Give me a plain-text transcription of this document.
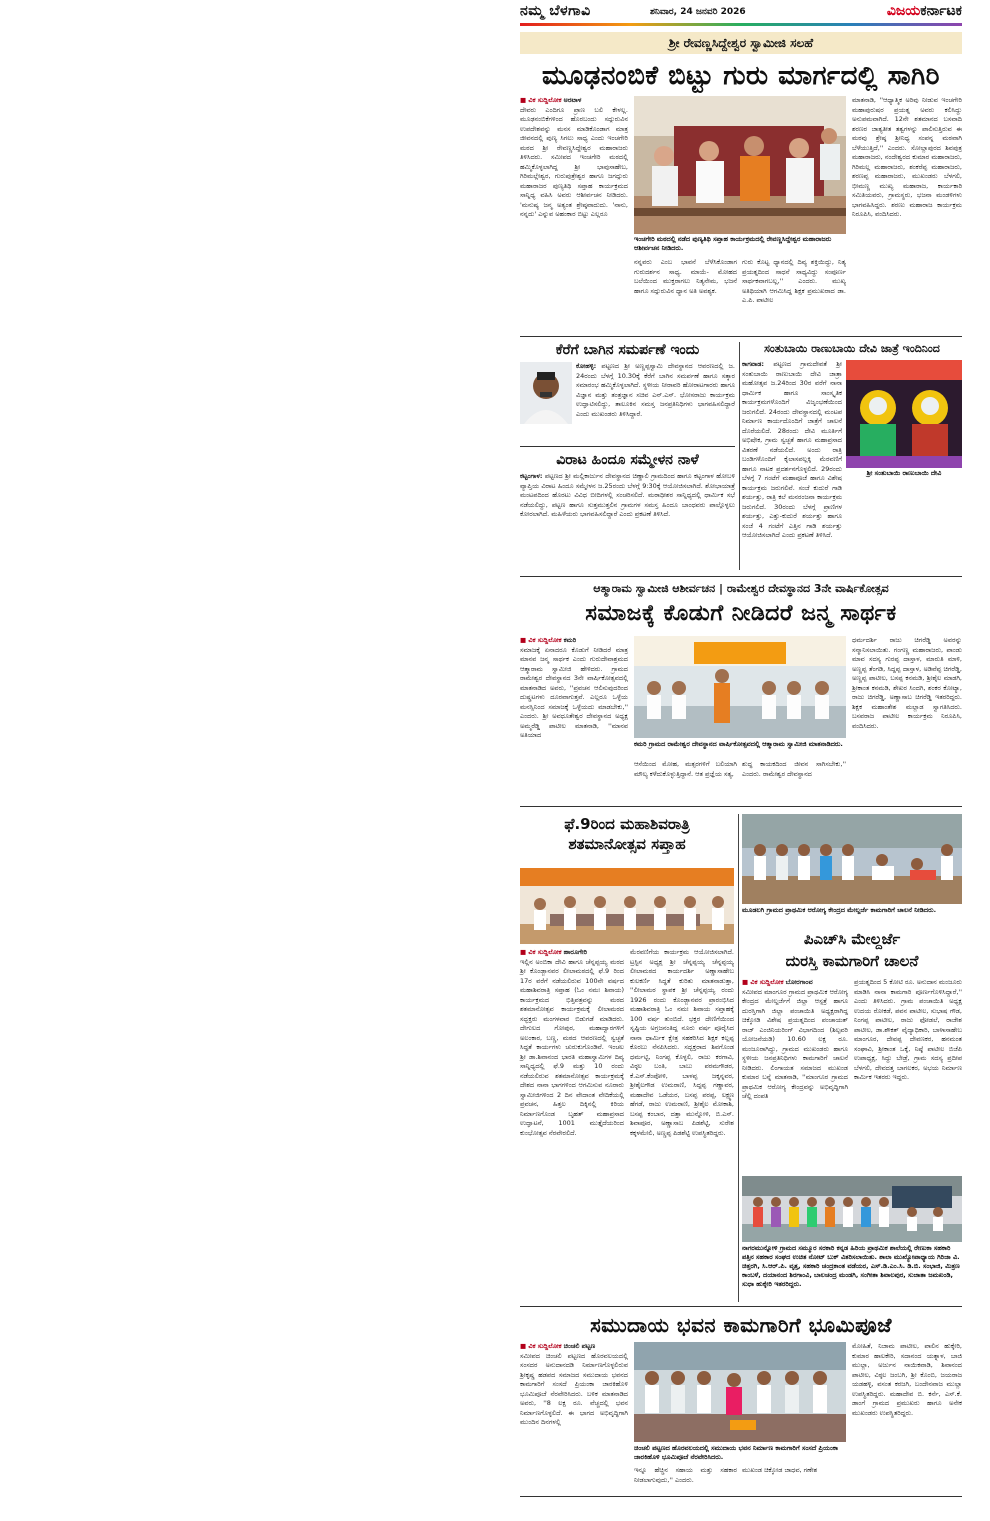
ನಮ್ಮ ಬೆಳಗಾವಿ	ಶನಿವಾರ, 24 ಜನವರಿ 2026	ವಿಜಯಕರ್ನಾಟಕ
ಶ್ರೀ ರೇವಣ್ಣಸಿದ್ದೇಶ್ವರ ಸ್ವಾಮೀಜಿ ಸಲಹೆ
ಮೂಢನಂಬಿಕೆ ಬಿಟ್ಟು ಗುರು ಮಾರ್ಗದಲ್ಲಿ ಸಾಗಿರಿ
■ ವಿಕ ಸುದ್ದಿಲೋಕ ಅರಟಾಳ
ದೇವರು ಎಂದಿಗೂ ಪ್ರಾಣ ಬಲಿ ಕೇಳಲ್ಲ. ಮೂಢನಂಬಿಕೆಗಳಿಂದ ಹೊರಬಂದು ಸದ್ಗುರುವಿನ ಉಪದೇಶವನ್ನು ಮನಸ ಮಾಡಿಕೊಂಡಾಗ ಮಾತ್ರ ಜೀವನದಲ್ಲಿ ಪುಣ್ಯ ಸಿಗಲು ಸಾಧ್ಯ ಎಂದು ಇಂಚಗೇರಿ ಮಠದ ಶ್ರೀ ರೇವಣ್ಣಸಿದ್ದೇಶ್ವರ ಮಹಾರಾಜರು ತಿಳಿಸಿದರು. ಸಮೀಪದ ಇಂಚಗೇರಿ ಮಠದಲ್ಲಿ ಹಮ್ಮಿಕೊಳ್ಳಲಾಗಿದ್ದ ಶ್ರೀ ಭಾವುಸಾಹೇಬ, ಗಿರಿಮಲ್ಲೇಶ್ವರ, ಗುರುಪುತ್ರೇಶ್ವರ ಹಾಗೂ ಜಗದ್ಗುರು ಮಹಾರಾಜರ ಪುಣ್ಯತಿಥಿ ಸಪ್ತಾಹ ಕಾರ್ಯಕ್ರಮದ ಸಾನ್ನಿಧ್ಯ ವಹಿಸಿ ಅವರು ಆಶೀರ್ವಚನ ನೀಡಿದರು. 'ಮನುಷ್ಯ ಜನ್ಮ ಅತ್ಯಂತ ಶ್ರೇಷ್ಠವಾದುದು. 'ನಾನು, ನನ್ನದು' ಎನ್ನುವ ಅಹಂಕಾರ ಬಿಟ್ಟು ಎಲ್ಲರೂ
ಇಂಚಗೇರಿ ಮಠದಲ್ಲಿ ನಡೆದ ಪುಣ್ಯತಿಥಿ ಸಪ್ತಾಹ ಕಾರ್ಯಕ್ರಮದಲ್ಲಿ ರೇವಣ್ಣಸಿದ್ದೇಶ್ವರ ಮಹಾರಾಜರು ಆಶೀರ್ವಚನ ನೀಡಿದರು.
ನನ್ನವರು ಎಂಬ ಭಾವನೆ ಬೆಳೆಸಿಕೊಂಡಾಗ ಗುರುದರ್ಶನ ಸಾಧ್ಯ. ಮಾಯೆ- ಮೋಹದ ಬಲೆಯಿಂದ ಮುಕ್ತರಾಗಲು ನಿತ್ಯನೇಮ, ಭಜನೆ ಹಾಗೂ ಸದ್ಗುರುವಿನ ಧ್ಯಾನ ಅತಿ ಅವಶ್ಯಕ.
ಗುರು ಕೊಟ್ಟ ಧ್ಯಾನದಲ್ಲಿ ದಿವ್ಯ ಶಕ್ತಿಯಿದ್ದು, ನಿತ್ಯ ಪ್ರಯತ್ನದಿಂದ ಸಾಧನೆ ಸಾಧ್ಯವಿದ್ದು ಸಂಪೂರ್ಣ ಸಾರ್ಥಕವಾಗಬಲ್ಲ,'' ಎಂದರು. ಮುಖ್ಯ ಅತಿಥಿಯಾಗಿ ಆಗಮಿಸಿದ್ದ ಶಿಕ್ಷಕ ಪ್ರಮುಖರಾದ ಡಾ. ಎ.ಪಿ. ಪಾಟೀಲ
ಮಾತನಾಡಿ, ''ಆಧ್ಯಾತ್ಮಿಕ ಅರಿವು ನೀಡುವ ಇಂಚಗೇರಿ ಮಹಾಪುರುಷರ ಪ್ರಯತ್ನ ಅವರು ಕಲಿಸಿದ್ದು ಅನುಪಮವಾಗಿದೆ. 12ನೇ ಶತಮಾನದ ಬಸವಾದಿ ಶರಣರ ಜಾತ್ಯತೀತ ತತ್ವಗಳನ್ನು ಪಾಲಿಸುತ್ತಿರುವ ಈ ಮಠವು ಶ್ರೇಷ್ಠ ಶ್ರೀನಿಧ್ಯ ಸಂಪನ್ನ ಮಠವಾಗಿ ಬೆಳೆಯುತ್ತಿದೆ,'' ಎಂದರು. ಸೋಲ್ಲಾಪುರದ ಶಿವಪುತ್ರ ಮಹಾರಾಜರು, ನಂದೇಶ್ವರದ ಕುಮಾರ ಮಹಾರಾಜರು, ಗಿರಿಮಲ್ಲ ಮಹಾರಾಜರು, ಶಂಕರೆಪ್ಪ ಮಹಾರಾಜರು, ಶರಣಪ್ಪ ಮಹಾರಾಜರು, ಮುಖಂಡರು ಬೆಳಗಲಿ, ಭೀಮಣ್ಣ ಮುಖ್ಯ ಮಹಾರಾಜ, ಕಾರ್ಯಕಾರಿ ಸಮಿತಿಯವರು, ಗ್ರಾಮಸ್ಥರು, ಭಜನಾ ಮಂಡಳಿಗಳು ಭಾಗವಹಿಸಿದ್ದರು. ಶರಣು ಮಹಾರಾಜ ಕಾರ್ಯಕ್ರಮ ನಿರೂಪಿಸಿ, ವಂದಿಸಿದರು.
ಕೆರೆಗೆ ಬಾಗಿನ ಸಮರ್ಪಣೆ ಇಂದು
ಕೋಹಳ್ಳಿ: ಪಟ್ಟಣದ ಶ್ರೀ ಅಣ್ಣಪ್ಪಸ್ವಾಮಿ ದೇವಸ್ಥಾನದ ಆವರಣದಲ್ಲಿ ಜ. 24ರಂದು ಬೆಳಗ್ಗೆ 10.30ಕ್ಕೆ ಕೆರೆಗೆ ಬಾಗಿನ ಸಮರ್ಪಣೆ ಹಾಗೂ ಸತ್ಕಾರ ಸಮಾರಂಭ ಹಮ್ಮಿಕೊಳ್ಳಲಾಗಿದೆ. ಸ್ಥಳೀಯ ನೀರಾವರಿ ಹೋರಾಟಗಾರರು ಹಾಗೂ ವಿಜ್ಞಾನ ಮತ್ತು ತಂತ್ರಜ್ಞಾನ ಸಚಿವ ಎನ್.ಎಸ್. ಭೋಸರಾಜು ಕಾರ್ಯಕ್ರಮ ಉದ್ಘಾಟಿಸಲಿದ್ದು, ತಾಲೂಕಿನ ಸಮಸ್ತ ಜನಪ್ರತಿನಿಧಿಗಳು ಭಾಗವಹಿಸಲಿದ್ದಾರೆ ಎಂದು ಮುಖಂಡರು ತಿಳಿಸಿದ್ದಾರೆ.
ವಿರಾಟ ಹಿಂದೂ ಸಮ್ಮೇಳನ ನಾಳೆ
ಕಟ್ಟಂಗಾಳ: ಪಟ್ಟಣದ ಶ್ರೀ ಮಲ್ಲಿಕಾರ್ಜುನ ದೇವಸ್ಥಾನದ ಚಿಣ್ಣಾಲಿ ಗ್ರಾಮದಿಂದ ಹಾಗೂ ಕಟ್ಟಂಗಾಳ ಹೋಬಳಿ ವ್ಯಾಪ್ತಿಯ ವಿರಾಟ ಹಿಂದೂ ಸಮ್ಮೇಳನ ಜ.25ರಂದು ಬೆಳಗ್ಗೆ 9:30ಕ್ಕೆ ಆಯೋಜಿಸಲಾಗಿದೆ. ಶೋಭಾಯಾತ್ರೆ ಮಂಟಪದಿಂದ ಹೊರಟು ವಿವಿಧ ಬೀದಿಗಳಲ್ಲಿ ಸಂಚರಿಸಲಿದೆ. ಮಠಾಧೀಶರ ಸಾನ್ನಿಧ್ಯದಲ್ಲಿ ಧಾರ್ಮಿಕ ಸಭೆ ನಡೆಯಲಿದ್ದು, ಪಟ್ಟಣ ಹಾಗೂ ಸುತ್ತಮುತ್ತಲಿನ ಗ್ರಾಮಗಳ ಸಮಸ್ತ ಹಿಂದೂ ಬಾಂಧವರು ಪಾಲ್ಗೊಳ್ಳಲು ಕೋರಲಾಗಿದೆ. ಮಹಿಳೆಯರು ಭಾಗವಹಿಸಲಿದ್ದಾರೆ ಎಂದು ಪ್ರಕಟಣೆ ತಿಳಿಸಿದೆ.
ಸಂತುಬಾಯಿ ರಾಣುಬಾಯಿ ದೇವಿ ಜಾತ್ರೆ ಇಂದಿನಿಂದ
ಕಾಗವಾಡ: ಪಟ್ಟಣದ ಗ್ರಾಮದೇವತೆ ಶ್ರೀ ಸಂತುಬಾಯಿ ರಾಣುಬಾಯಿ ದೇವಿ ಜಾತ್ರಾ ಮಹೋತ್ಸವ ಜ.24ರಿಂದ 30ರ ವರೆಗೆ ನಾನಾ ಧಾರ್ಮಿಕ ಹಾಗೂ ಸಾಂಸ್ಕೃತಿಕ ಕಾರ್ಯಕ್ರಮಗಳೊಂದಿಗೆ ವಿಜೃಂಭಣೆಯಿಂದ ಜರುಗಲಿದೆ. 24ರಂದು ದೇವಸ್ಥಾನದಲ್ಲಿ ಮಂಟಪ ನಿರ್ಮಾಣ ಕಾರ್ಯದೊಂದಿಗೆ ಜಾತ್ರೆಗೆ ಚಾಲನೆ ದೊರೆಯಲಿದೆ. 28ರಂದು ದೇವಿ ಮೂರ್ತಿಗೆ ಅಭಿಷೇಕ, ಗ್ರಾಮ ಸ್ವಚ್ಛತೆ ಹಾಗೂ ಮಹಾಪ್ರಸಾದ ವಿತರಣೆ ನಡೆಯಲಿದೆ. ಅಂದು ರಾತ್ರಿ ಬಂಡಿಗಳೊಂದಿಗೆ ಕೈಲಾಸಪಲ್ಲಕ್ಕಿ ಮೆರವಣಿಗೆ ಹಾಗೂ ನಾಟಕ ಪ್ರದರ್ಶನಗೊಳ್ಳಲಿದೆ. 29ರಂದು ಬೆಳಗ್ಗೆ 7 ಗಂಟೆಗೆ ಮಹಾಪೂಜೆ ಹಾಗೂ ವಿಶೇಷ ಕಾರ್ಯಕ್ರಮ ಜರುಗಲಿವೆ. ಸಂಜೆ ಕುದುರೆ ಗಾಡಿ ಶರ್ಯತ್ತು, ರಾತ್ರಿ ಕಲೆ ಮನರಂಜನಾ ಕಾರ್ಯಕ್ರಮ ಜರುಗಲಿದೆ. 30ರಂದು ಬೆಳಗ್ಗೆ ಪ್ರಾಣಿಗಳ ಶರ್ಯತ್ತು, ಎತ್ತು-ಕುದುರೆ ಶರ್ಯತ್ತು ಹಾಗೂ ಸಂಜೆ 4 ಗಂಟೆಗೆ ಎತ್ತಿನ ಗಾಡಿ ಶರ್ಯತ್ತು ಆಯೋಜಿಸಲಾಗಿದೆ ಎಂದು ಪ್ರಕಟಣೆ ತಿಳಿಸಿದೆ.
ಶ್ರೀ ಸಂತುಬಾಯಿ ರಾಣುಬಾಯಿ ದೇವಿ
ಆತ್ಮಾರಾಮ ಸ್ವಾಮೀಜಿ ಆಶೀರ್ವಚನ | ರಾಮೇಶ್ವರ ದೇವಸ್ಥಾನದ 3ನೇ ವಾರ್ಷಿಕೋತ್ಸವ
ಸಮಾಜಕ್ಕೆ ಕೊಡುಗೆ ನೀಡಿದರೆ ಜನ್ಮ ಸಾರ್ಥಕ
■ ವಿಕ ಸುದ್ದಿಲೋಕ ಕಮರಿ
ಸಮಾಜಕ್ಕೆ ಏನಾದರೂ ಕೊಡುಗೆ ನೀಡಿದರೆ ಮಾತ್ರ ಮಾನವ ಜನ್ಮ ಸಾರ್ಥಕ ಎಂದು ಗುರುದೇವಾಶ್ರಮದ ಆತ್ಮಾರಾಮ ಸ್ವಾಮೀಜಿ ಹೇಳಿದರು. ಗ್ರಾಮದ ರಾಮೇಶ್ವರ ದೇವಸ್ಥಾನದ 3ನೇ ವಾರ್ಷಿಕೋತ್ಸವದಲ್ಲಿ ಮಾತನಾಡಿದ ಅವರು, ''ಪ್ರವಚನ ಆಲಿಸುವುದರಿಂದ ದುಷ್ಚಟಗಳು ದೂರವಾಗುತ್ತವೆ. ಎಲ್ಲರೂ ಒಳ್ಳೆಯ ಮನಸ್ಸಿನಿಂದ ಸಮಾಜಕ್ಕೆ ಒಳ್ಳೆಯದು ಮಾಡಬೇಕು,'' ಎಂದರು. ಶ್ರೀ ಅವಧೂತೇಶ್ವರ ದೇವಸ್ಥಾನದ ಅಧ್ಯಕ್ಷ ಅಮ್ಮರೆಡ್ಡಿ ಪಾಟೀಲ ಮಾತನಾಡಿ, ''ಮಾನವ ಅತಿಯಾದ
ಕಮರಿ ಗ್ರಾಮದ ರಾಮೇಶ್ವರ ದೇವಸ್ಥಾನದ ವಾರ್ಷಿಕೋತ್ಸವದಲ್ಲಿ ಆತ್ಮಾರಾಮ ಸ್ವಾಮೀಜಿ ಮಾತನಾಡಿದರು.
ಆಸೆಯಿಂದ ಮೋಹ, ಮತ್ಸರಗಳಿಗೆ ಬಲಿಯಾಗಿ ಮೌಲ್ಯ ಕಳೆದುಕೊಳ್ಳುತ್ತಿದ್ದಾನೆ. ಆತ ಪ್ರಜ್ಞೆಯ ಸತ್ಯ,
ಶುದ್ಧ ಕಾಯಕದಿಂದ ಜೀವನ ಸಾಗಿಸಬೇಕು,'' ಎಂದರು. ರಾಮೇಶ್ವರ ದೇವಸ್ಥಾನದ
ಧರ್ಮದರ್ಶಿ ರಾಜು ಚಿಗರೆಡ್ಡಿ ಅವರನ್ನು ಸನ್ಮಾನಿಸಲಾಯಿತು. ಗಂಗಣ್ಣ ಮಹಾರಾಜರು, ಪಾಂಡು ಮಾವ ಸದಸ್ಯ ಗುರಪ್ಪ ದಾಸ್ತಾಳ, ಮಾರುತಿ ಮಾಳಿ, ಅಣ್ಣಪ್ಪ ತೆಂಗಡಿ, ಸಿದ್ದಪ್ಪ ದಾಸ್ತಾಳ, ಅಡಿವೆಪ್ಪ ಚಿಗರೆಡ್ಡಿ, ಅಣ್ಣಪ್ಪ ಪಾಟೀಲ, ಬಸಪ್ಪ ಕನಮಡಿ, ಶ್ರೀಶೈಲ ಮಾಡಗಿ, ಶ್ರೀಕಾಂತ ಕನಮಡಿ, ಶೇಖರ ಸಿಂದಗಿ, ಶಂಕರ ಕೋಟ್ಯಾ, ರಾಜು ಚಿಗರೆಡ್ಡಿ, ಅಣ್ಣಾಸಾಬ ಚಿಗರೆಡ್ಡಿ ಇತರರಿದ್ದರು. ಶಿಕ್ಷಕ ಮಹಾಂತೇಶ ಮಲ್ಲಾಡ ಸ್ವಾಗತಿಸಿದರು. ಬಸವರಾಜ ಪಾಟೀಲ ಕಾರ್ಯಕ್ರಮ ನಿರೂಪಿಸಿ, ವಂದಿಸಿದರು.
ಫೆ.9ರಿಂದ ಮಹಾಶಿವರಾತ್ರಿ
ಶತಮಾನೋತ್ಸವ ಸಪ್ತಾಹ
■ ವಿಕ ಸುದ್ದಿಲೋಕ ಹಾರೂಗೇರಿ
ಇಲ್ಲಿನ ಅಂಬಿಕಾ ದೇವಿ ಹಾಗೂ ಚೆನ್ನಪ್ಪಯ್ಯ ಮಠದ ಶ್ರೀ ಕೊಂಡ್ಬಾನವರ ಲೀಲಾಮಠದಲ್ಲಿ ಫೆ.9 ರಿಂದ 17ರ ವರೆಗೆ ನಡೆಯಲಿರುವ 100ನೇ ವರ್ಷದ ಮಹಾಶಿವರಾತ್ರಿ ಸಪ್ತಾಹ (ಓಂ ನಮಃ ಶಿವಾಯ) ಕಾರ್ಯಕ್ರಮದ ಭಿತ್ತಿಪತ್ರವನ್ನು ಮಠದ ಶತಮಾನೋತ್ಸವ ಕಾರ್ಯಕ್ರಮಕ್ಕೆ ಲೀಲಾಮಠದ ಸದ್ಭಕ್ತರು ಮಂಗಳವಾರ ಬಿಡುಗಡೆ ಮಾಡಿದರು. ದೇಗುಲದ ಗೋಪುರ, ಮಹಾದ್ವಾರಗಳಿಗೆ ಅಲಂಕಾರ, ಬಣ್ಣ, ಮಠದ ಆವರಣದಲ್ಲಿ ಸ್ವಚ್ಛತೆ ಸಿದ್ಧತೆ ಕಾರ್ಯಗಳು ಚುರುಕುಗೊಂಡಿವೆ. ಇಂಚಲ ಶ್ರೀ ಡಾ.ಶಿವಾನಂದ ಭಾರತಿ ಮಹಾಸ್ವಾಮಿಗಳ ದಿವ್ಯ ಸಾನ್ನಿಧ್ಯದಲ್ಲಿ ಫೆ.9 ಮತ್ತು 10 ರಂದು ನಡೆಯಲಿರುವ ಶತಮಾನೋತ್ಸವ ಕಾರ್ಯಕ್ರಮಕ್ಕೆ ದೇಶದ ನಾನಾ ಭಾಗಗಳಿಂದ ಆಗಮಿಸುವ ನೂರಾರು ಸ್ವಾಮೀಜಿಗಳಿಂದ 2 ದಿನ ವೇದಾಂತ ವೇದಿಕೆಯಲ್ಲಿ ಪ್ರವಚನ, ಹಿತ್ತಲ ದಿಕ್ಕಿನಲ್ಲಿ ಕಿರಿಯ ನಿರ್ಮಾಣಗೊಂಡ ಬೃಹತ್ ಮಹಾಪ್ರಸಾದ ಉದ್ಘಾಟನೆ, 1001 ಮುತ್ತೈದೆಯರಿಂದ ಕುಂಭೋತ್ಸವ ನೆರವೇರಲಿದೆ.
ಮೆರವಣಿಗೆಯ ಕಾರ್ಯಕ್ರಮ ಆಯೋಜಿಸಲಾಗಿದೆ. ಟ್ರಸ್ಟಿನ ಅಧ್ಯಕ್ಷ ಶ್ರೀ ಚೆನ್ನಪ್ಪಯ್ಯ ಚೆನ್ನಪ್ಪಯ್ಯ ಲೀಲಾಮಠದ ಕಾರ್ಯದರ್ಶಿ ಅಣ್ಣಾಸಾಹೇಬ ಕುಲಕರ್ಣಿ ಸಿದ್ಧತೆ ಕುರಿತು ಮಾತನಾಡುತ್ತಾ, ''ಲೀಲಾಮಠ ಸ್ಥಾಪಕ ಶ್ರೀ ಚೆನ್ನಪ್ಪಯ್ಯ ರಂದು 1926 ರಂದು ಕೊಂಡ್ಬಾನವರ ಪ್ರಾರಂಭಿಸಿದ ಮಹಾಶಿವರಾತ್ರಿ ಓಂ ನಮಃ ಶಿವಾಯ ಸಪ್ತಾಹಕ್ಕೆ 100 ವರ್ಷ ತುಂಬಿದೆ. ಭಕ್ತರ ದೇಣಿಗೆಯಿಂದ ಸೃಷ್ಟಿಯ ಅಗ್ರಜನಂತಿದ್ದ ನೂರು ವರ್ಷ ಪೂರೈಸಿದ ನಾನಾ ಧಾರ್ಮಿಕ ಕ್ಷೇತ್ರ ಸಹಕರಿಸಿದ ಶಿಕ್ಷಕ ಕಲ್ಲಪ್ಪ ಕೊರಬು ನೆನಪಿಸಿದರು. ಸದ್ಭಕ್ತರಾದ ಶಿವಗೊಂಡ ಧರ್ಮಟ್ಟಿ, ನಿಂಗಪ್ಪ ಕೊಳ್ಳಲಿ, ರಾಜು ಕರಗಾವಿ, ವಿಠ್ಠಲ ಬಂತಿ, ಬಾಬು ಪರಮಗೌಡರ, ಕೆ.ಎಸ್.ಕೆಂಪೋಳಿ, ಬಾಳಪ್ಪ ಜಕ್ಕನ್ನವರ, ಶ್ರೀಶೈಲಗೌಡ ಉಮರಾಣಿ, ಸಿದ್ದಪ್ಪ ಗಣ್ಣಾವರ, ಮಹಾದೇವ ಒಡೆಯರ, ಬಸಪ್ಪ ಪರಪ್ಪ, ಲಕ್ಷ್ಮಣ ಹೆಗಡೆ, ರಾಜು ಉಮರಾಣಿ, ಶ್ರೀಶೈಲ ಮೋಕಾಶಿ, ಬಸಪ್ಪ ಕಂಬಾರ, ದತ್ತಾ ಮುನ್ನೋಳಿ, ಬಿ.ಎಸ್. ಶಿವಾಪೂರ, ಅಣ್ಣಾಸಾಬ ಪಿಡಶೆಟ್ಟಿ, ಸುರೇಶ ಕಕ್ಕಳಮೇಲಿ, ಅಣ್ಣಪ್ಪ ಪಿಡಶೆಟ್ಟಿ ಉಪಸ್ಥಿತರಿದ್ದರು.
ಮೂಡಲಗಿ ಗ್ರಾಮದ ಪ್ರಾಥಮಿಕ ಆರೋಗ್ಯ ಕೇಂದ್ರದ ಮೇಲ್ದರ್ಜೆ ಕಾಮಗಾರಿಗೆ ಚಾಲನೆ ನೀಡಿದರು.
ಪಿಎಚ್‌ಸಿ ಮೇಲ್ದರ್ಜೆ
ದುರಸ್ತಿ ಕಾಮಗಾರಿಗೆ ಚಾಲನೆ
■ ವಿಕ ಸುದ್ದಿಲೋಕ ಬೋರಗಾಂವ
ಸಮೀಪದ ಮಾಂಗೂರ ಗ್ರಾಮದ ಪ್ರಾಥಮಿಕ ಆರೋಗ್ಯ ಕೇಂದ್ರದ ಮೇಲ್ದರ್ಜೆಗೆ ಜಿಲ್ಲಾ ಆಸ್ಪತ್ರೆ ಹಾಗೂ ದುರಸ್ತಿಗಾಗಿ ಜಿಲ್ಲಾ ಪಂಚಾಯಿತಿ ಅಧ್ಯಕ್ಷರಾಗಿದ್ದ ಚಿಕ್ಕೋಡಿ ವಿಶೇಷ ಪ್ರಯತ್ನದಿಂದ ಪಂಚಾಯತ್ ರಾಜ್ ಎಂಜಿನಿಯರಿಂಗ್ ವಿಭಾಗದಿಂದ (ಶಿಲ್ಪವರಿ ಯೋಜನೆಯಡಿ) 10.60 ಲಕ್ಷ ರೂ. ಮಂಜೂರಾಗಿದ್ದು, ಗ್ರಾಮದ ಮುಖಂಡರು ಹಾಗೂ ಸ್ಥಳೀಯ ಜನಪ್ರತಿನಿಧಿಗಳು ಕಾಮಗಾರಿಗೆ ಚಾಲನೆ ನೀಡಿದರು. ಲಿಂಗಾಯತ ಸಮಾಜದ ಮುಖಂಡ ಕುಮಾರ ಬನ್ನೆ ಮಾತನಾಡಿ, ''ಮಾಂಗೂರ ಗ್ರಾಮದ ಪ್ರಾಥಮಿಕ ಆರೋಗ್ಯ ಕೇಂದ್ರವನ್ನು ಅಭಿವೃದ್ಧಿಗಾಗಿ ಚೆಲ್ಲಿ ದಂಪತಿ
ಪ್ರಯತ್ನದಿಂದ 5 ಕೋಟಿ ರೂ. ಅನುದಾನ ಮಂಜೂರು ಮಾಡಿಸಿ ನಾನಾ ಕಾಮಗಾರಿ ಪೂರ್ಣಗೊಳಿಸಿದ್ದಾರೆ,'' ಎಂದು ತಿಳಿಸಿದರು. ಗ್ರಾಮ ಪಂಚಾಯಿತಿ ಅಧ್ಯಕ್ಷ ಉದಯ ರೋಕಡೆ, ಪವನ ಪಾಟೀಲ, ಸುಭಾಷ ಗೌಡ, ನಿಂಗಪ್ಪ ಪಾಟೀಲ, ರಾಜು ಫೋಡಲೆ, ರಾಜೇಶ ಪಾಟೀಲ, ಡಾ.ಶೌಕತ್ ವೈದ್ಯಾಧಿಕಾರಿ, ಬಾಳಾಸಾಹೇಬ ಮಾಂಗೂರ, ದೇವಪ್ಪ ದೇವಣಕರ, ಹನಮಂತ ಸಂಘಾವಿ, ಶ್ರೀಕಾಂತ ಒಕ್ಕೆ, ನಿಷ್ಠೆ ಪಾಟೀಲ ಬಿಜೆಪಿ ಉಪಾಧ್ಯಕ್ಷ, ಸಿದ್ದು ಬೇಡ್ರೆ, ಗ್ರಾಮ ಸದಸ್ಯ ಪ್ರದೀಪ ಬೆಳಗಲಿ, ದೇವದತ್ತ ಬಾಗಲಕರ, ಅಭಯ ನಿರ್ಮಾಣ ಕಾರ್ಮಿಕ ಇತರರು ಇದ್ದರು.
ನಾಗರಮುನ್ನೋಳಿ ಗ್ರಾಮದ ಸಮ್ಮೂರ ಸರಕಾರಿ ಕನ್ನಡ ಹಿರಿಯ ಪ್ರಾಥಮಿಕ ಶಾಲೆಯಲ್ಲಿ ರೇಣುಕಾ ಸಹಕಾರಿ ಪತ್ತಿನ ಸಹಕಾರ ಸಂಘದ ಉಚಿತ ನೋಟ್ ಬುಕ್ ವಿತರಿಸಲಾಯಿತು. ಶಾಲಾ ಮುಖ್ಯೋಪಾಧ್ಯಾಯ ಗಿರಿಜಾ ವಿ. ಚಿತ್ತರಗಿ, ಸಿ.ಆರ್.ಪಿ. ವೃತ್ತ, ಸಹಕಾರಿ ಚಂದ್ರಕಾಂತ ವಡೆಯರ, ಎಸ್.ಡಿ.ಎಂ.ಸಿ. ಡಿ.ಬಿ. ಸಂಭಾಜಿ, ಮಿತ್ರಣ ಕಾಂಬಳೆ, ದಯಾನಂದ ಶಿರಗಾಂವಿ, ಬಾಲಚಂದ್ರ ಮಂಡಗಿ, ಸಂಗೀತಾ ಶಿವಾಲಪುರ, ಸುಜಾತಾ ಜಮಖಂಡಿ, ಸುಧಾ ಹುಕ್ಕೇರಿ ಇತರರಿದ್ದರು.
ಸಮುದಾಯ ಭವನ ಕಾಮಗಾರಿಗೆ ಭೂಮಿಪೂಜೆ
■ ವಿಕ ಸುದ್ದಿಲೋಕ ಚಿಂಚಲಿ ಪಟ್ಟಣ
ಸಮೀಪದ ಚಿಂಚಲಿ ಪಟ್ಟಣದ ಹೊರವಲಯದಲ್ಲಿ ಸಂಸದರ ಅನುದಾನದಡಿ ನಿರ್ಮಾಣಗೊಳ್ಳಲಿರುವ ಶ್ರೀಕೃಷ್ಣ ಹಡಪದ ಸಮಾಜದ ಸಮುದಾಯ ಭವನದ ಕಾಮಗಾರಿಗೆ ಸಂಸದೆ ಪ್ರಿಯಂಕಾ ಜಾರಕಿಹೊಳಿ ಭೂಮಿಪೂಜೆ ನೆರವೇರಿಸಿದರು. ಬಳಿಕ ಮಾತನಾಡಿದ ಅವರು, ''8 ಲಕ್ಷ ರೂ. ವೆಚ್ಚದಲ್ಲಿ ಭವನ ನಿರ್ಮಾಣಗೊಳ್ಳಲಿದೆ. ಈ ಭಾಗದ ಅಭಿವೃದ್ಧಿಗಾಗಿ ಮುಂದಿನ ದಿನಗಳಲ್ಲಿ
ಚಿಂಚಲಿ ಪಟ್ಟಣದ ಹೊರವಲಯದಲ್ಲಿ ಸಮುದಾಯ ಭವನ ನಿರ್ಮಾಣ ಕಾಮಗಾರಿಗೆ ಸಂಸದೆ ಪ್ರಿಯಂಕಾ ಜಾರಕಿಹೊಳಿ ಭೂಮಿಪೂಜೆ ನೆರವೇರಿಸಿದರು.
ಇನ್ನೂ ಹೆಚ್ಚಿನ ಸಹಾಯ ಮತ್ತು ಸಹಕಾರ ನೀಡಲಾಗುವುದು,'' ಎಂದರು.
ಮುಖಂಡ ಚಿಕ್ಕೋಡ ಜಾಧವ, ಗಣೇಶ
ಮೋಹಿತೆ, ನಿಜಾಮ ಪಾಟೀಲ, ಪಾಲಿನ ಹುಕ್ಕೇರಿ, ಕುಮಾರ ಹಾಲಕೇರಿ, ಸದಾನಂದ ಯತ್ನಾಳ, ಬಾಜಿ ಮುಲ್ಲಾ, ಅರ್ಜುನ ನಾಯಿಕವಾಡಿ, ಶಿವಾನಂದ ಪಾಟೀಲ, ವಿಠ್ಠಲ ಜಂಬಗಿ, ಶ್ರೀ ಕೊಂಬಿ, ಜಯರಾಜ ಯಡಹಳ್ಳಿ, ವಸಂತ ಕರಜಗಿ, ಬಂದೇನವಾಜ ಮುಲ್ಲಾ ಉಪಸ್ಥಿತರಿದ್ದರು. ಮಹಾದೇವ ಬಿ. ಕರ್ನೆ, ಎಸ್.ಕೆ. ಡಾಂಗೆ ಗ್ರಾಮದ ಪ್ರಮುಖರು ಹಾಗೂ ಅನೇಕ ಮುಖಂಡರು ಉಪಸ್ಥಿತರಿದ್ದರು.
